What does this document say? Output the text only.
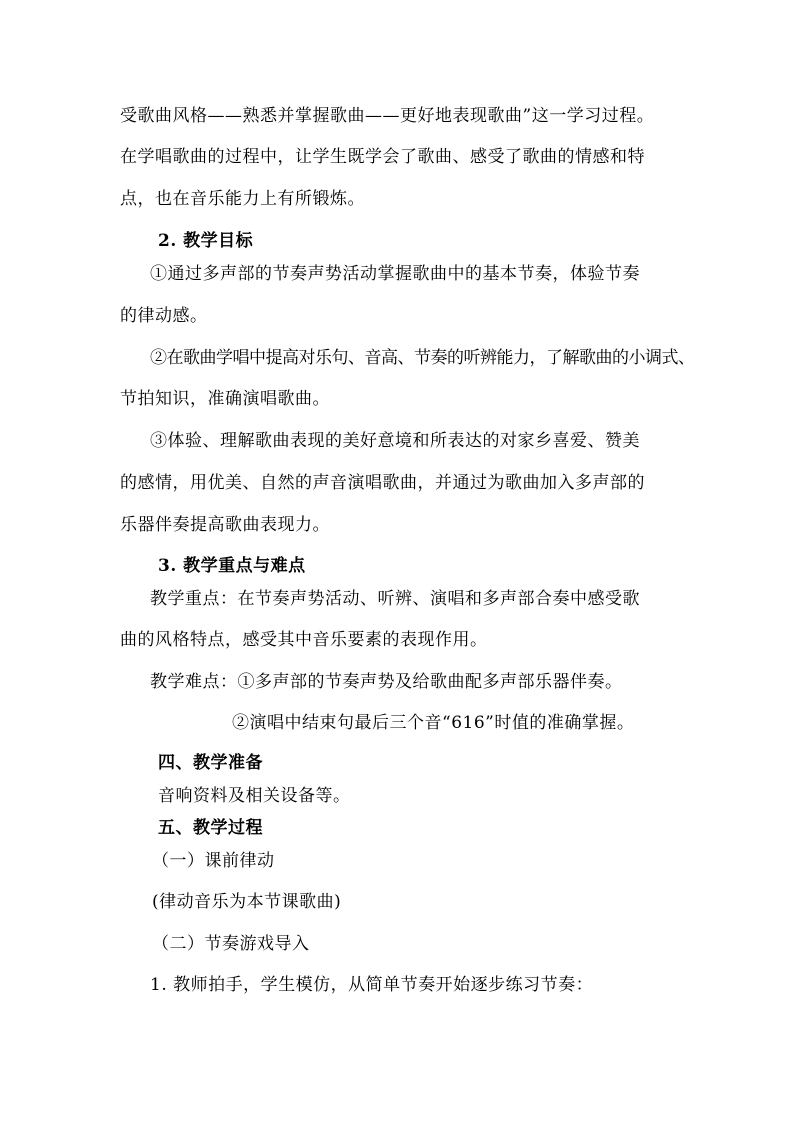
受歌曲风格——熟悉并掌握歌曲——更好地表现歌曲”这一学习过程。
在学唱歌曲的过程中，让学生既学会了歌曲、感受了歌曲的情感和特
点，也在音乐能力上有所锻炼。
2. 教学目标
①通过多声部的节奏声势活动掌握歌曲中的基本节奏，体验节奏
的律动感。
②在歌曲学唱中提高对乐句、音高、节奏的听辨能力，了解歌曲的小调式、
节拍知识，准确演唱歌曲。
③体验、理解歌曲表现的美好意境和所表达的对家乡喜爱、赞美
的感情，用优美、自然的声音演唱歌曲，并通过为歌曲加入多声部的
乐器伴奏提高歌曲表现力。
3. 教学重点与难点
教学重点：在节奏声势活动、听辨、演唱和多声部合奏中感受歌
曲的风格特点，感受其中音乐要素的表现作用。
教学难点：①多声部的节奏声势及给歌曲配多声部乐器伴奏。
②演唱中结束句最后三个音“616”时值的准确掌握。
四、教学准备
音响资料及相关设备等。
五、教学过程
（一）课前律动
(律动音乐为本节课歌曲)
（二）节奏游戏导入
1. 教师拍手，学生模仿，从简单节奏开始逐步练习节奏：
